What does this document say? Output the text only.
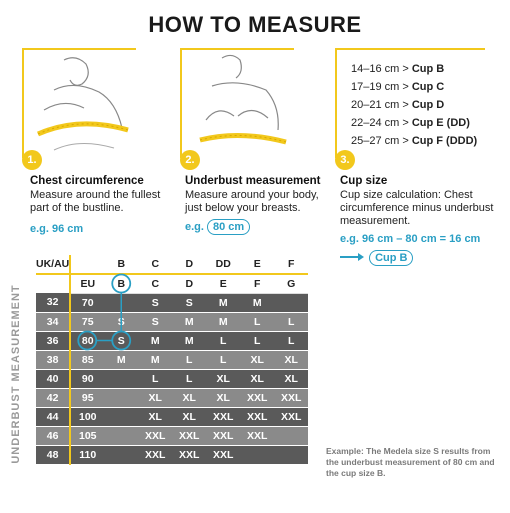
HOW TO MEASURE
1.	2.
14–16 cm > Cup B
17–19 cm > Cup C
20–21 cm > Cup D
22–24 cm > Cup E (DD)
25–27 cm > Cup F (DDD)
3.
Chest circumference
Measure around the fullest part of the bustline.
e.g. 96 cm
Underbust measurement
Measure around your body, just below your breasts.
e.g. 80 cm
Cup size
Cup size calculation: Chest circumference minus underbust measurement.
e.g. 96 cm – 80 cm = 16 cm
Cup B
UNDERBUST MEASUREMENT
UK/AU		B	C	D	DD	E	F
	EU	B	C	D	E	F	G
32	70		S	S	M	M	
34	75	S	S	M	M	L	L
36	80	S	M	M	L	L	L
38	85	M	M	L	L	XL	XL
40	90		L	L	XL	XL	XL
42	95		XL	XL	XL	XXL	XXL
44	100		XL	XL	XXL	XXL	XXL
46	105		XXL	XXL	XXL	XXL	
48	110		XXL	XXL	XXL			Example: The Medela size S results from the underbust measurement of 80 cm and the cup size B.
